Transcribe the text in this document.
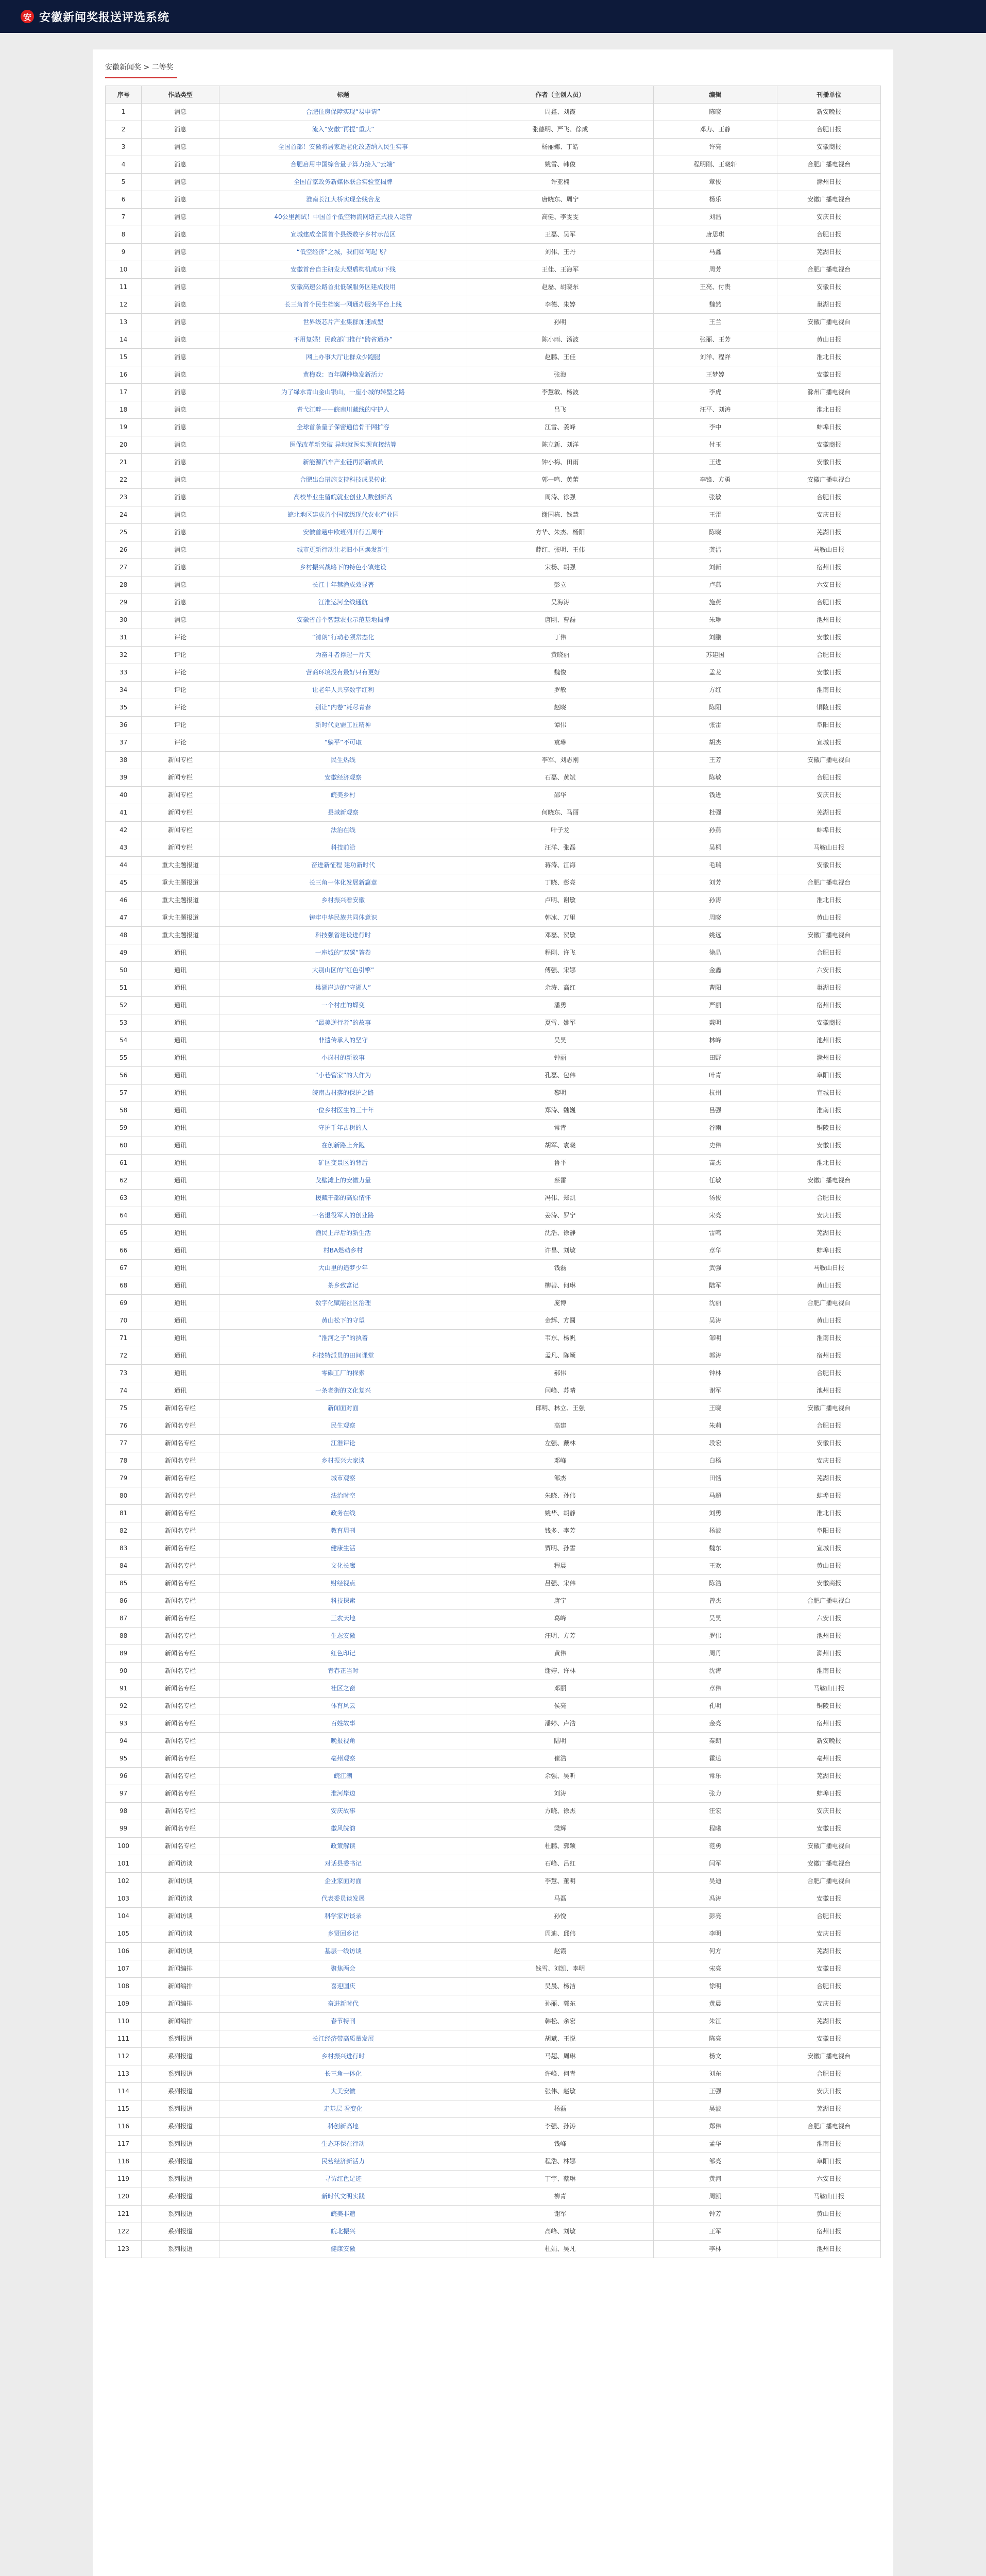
安 安徽新闻奖报送评选系统
安徽新闻奖 > 二等奖
序号	作品类型	标题	作者（主创人员）	编辑	刊播单位
1	消息	合肥住房保障实现“易申请”	周鑫、刘霞	陈晓	新安晚报
2	消息	流入“安徽”再提“重庆”	张德明、严飞、徐成	邓力、王静	合肥日报
3	消息	全国首部！安徽将居家适老化改造纳入民生实事	杨丽娜、丁皓	许亮	安徽商报
4	消息	合肥启用中国综合量子算力接入“云端”	姚雪、韩俊	程明刚、王晓轩	合肥广播电视台
5	消息	全国首家政务新媒体联合实验室揭牌	许亚楠	章俊	滁州日报
6	消息	淮南长江大桥实现全线合龙	唐晓东、周宁	杨乐	安徽广播电视台
7	消息	40公里测试！中国首个低空物流网络正式投入运营	高健、李雯雯	刘浩	安庆日报
8	消息	宣城建成全国首个县级数字乡村示范区	王磊、吴军	唐思琪	合肥日报
9	消息	“低空经济”之城，我们如何起飞？	刘伟、王丹	马鑫	芜湖日报
10	消息	安徽首台自主研发大型盾构机成功下线	王佳、王海军	周芳	合肥广播电视台
11	消息	安徽高速公路首批低碳服务区建成投用	赵磊、胡晓东	王亮、付贵	安徽日报
12	消息	长三角首个民生档案一网通办服务平台上线	李德、朱婷	魏然	巢湖日报
13	消息	世界级芯片产业集群加速成型	孙明	王兰	安徽广播电视台
14	消息	不用复婚！民政部门推行“跨省通办”	陈小雨、汤波	张丽、王芳	黄山日报
15	消息	网上办事大厅让群众少跑腿	赵鹏、王佳	刘洋、程祥	淮北日报
16	消息	黄梅戏：百年剧种焕发新活力	张海	王梦婷	安徽日报
17	消息	为了绿水青山金山银山，一座小城的转型之路	李慧敏、杨波	李虎	滁州广播电视台
18	消息	青弋江畔——皖南川藏线的守护人	吕飞	汪平、刘涛	淮北日报
19	消息	全球首条量子保密通信骨干网扩容	江雪、姜峰	李中	蚌埠日报
20	消息	医保改革新突破 异地就医实现直接结算	陈立新、刘洋	付玉	安徽商报
21	消息	新能源汽车产业链再添新成员	钟小梅、田雨	王进	安徽日报
22	消息	合肥出台措施支持科技成果转化	郭一鸣、黄蕾	李锋、方勇	安徽广播电视台
23	消息	高校毕业生留皖就业创业人数创新高	周涛、徐强	张敏	合肥日报
24	消息	皖北地区建成首个国家级现代农业产业园	谢国栋、钱慧	王雷	安庆日报
25	消息	安徽首趟中欧班列开行五周年	方华、朱杰、杨阳	陈晓	芜湖日报
26	消息	城市更新行动让老旧小区焕发新生	薛红、张明、王伟	龚洁	马鞍山日报
27	消息	乡村振兴战略下的特色小镇建设	宋杨、胡强	刘新	宿州日报
28	消息	长江十年禁渔成效显著	彭立	卢燕	六安日报
29	消息	江淮运河全线通航	吴海涛	施燕	合肥日报
30	消息	安徽省首个智慧农业示范基地揭牌	唐刚、曹磊	朱琳	池州日报
31	评论	“清朗”行动必须常态化	丁伟	刘鹏	安徽日报
32	评论	为奋斗者撑起一片天	黄晓丽	苏建国	合肥日报
33	评论	营商环境没有最好只有更好	魏俊	孟龙	安徽日报
34	评论	让老年人共享数字红利	罗敏	方红	淮南日报
35	评论	别让“内卷”耗尽青春	赵晓	陈阳	铜陵日报
36	评论	新时代更需工匠精神	谭伟	张雷	阜阳日报
37	评论	“躺平”不可取	袁琳	胡杰	宣城日报
38	新闻专栏	民生热线	李军、刘志刚	王芳	安徽广播电视台
39	新闻专栏	安徽经济观察	石磊、黄斌	陈敏	合肥日报
40	新闻专栏	皖美乡村	邵华	钱进	安庆日报
41	新闻专栏	县域新观察	何晓东、马丽	杜强	芜湖日报
42	新闻专栏	法治在线	叶子龙	孙燕	蚌埠日报
43	新闻专栏	科技前沿	汪洋、张磊	吴桐	马鞍山日报
44	重大主题报道	奋进新征程 建功新时代	蒋涛、江海	毛瑞	安徽日报
45	重大主题报道	长三角一体化发展新篇章	丁晓、彭亮	刘芳	合肥广播电视台
46	重大主题报道	乡村振兴看安徽	卢明、谢敏	孙涛	淮北日报
47	重大主题报道	铸牢中华民族共同体意识	韩冰、万里	周晓	黄山日报
48	重大主题报道	科技强省建设进行时	邓磊、贺敏	姚远	安徽广播电视台
49	通讯	一座城的“双碳”答卷	程刚、许飞	徐晶	合肥日报
50	通讯	大别山区的“红色引擎”	傅强、宋娜	金鑫	六安日报
51	通讯	巢湖岸边的“守湖人”	余涛、高红	曹阳	巢湖日报
52	通讯	一个村庄的蝶变	潘勇	严丽	宿州日报
53	通讯	“最美逆行者”的故事	夏雪、姚军	戴明	安徽商报
54	通讯	非遗传承人的坚守	吴昊	林峰	池州日报
55	通讯	小岗村的新故事	钟丽	田野	滁州日报
56	通讯	“小巷管家”的大作为	孔磊、包伟	叶青	阜阳日报
57	通讯	皖南古村落的保护之路	黎明	杭州	宣城日报
58	通讯	一位乡村医生的三十年	郑涛、魏巍	吕强	淮南日报
59	通讯	守护千年古树的人	常青	谷雨	铜陵日报
60	通讯	在创新路上奔跑	胡军、袁晓	史伟	安徽日报
61	通讯	矿区变景区的背后	鲁平	苗杰	淮北日报
62	通讯	戈壁滩上的安徽力量	蔡雷	任敏	安徽广播电视台
63	通讯	援藏干部的高原情怀	冯伟、郑凯	汤俊	合肥日报
64	通讯	一名退役军人的创业路	姜涛、罗宁	宋亮	安庆日报
65	通讯	渔民上岸后的新生活	沈浩、徐静	雷鸣	芜湖日报
66	通讯	村BA燃动乡村	许昌、刘敏	章华	蚌埠日报
67	通讯	大山里的追梦少年	钱磊	武强	马鞍山日报
68	通讯	茶乡致富记	柳岩、何琳	陆军	黄山日报
69	通讯	数字化赋能社区治理	庞博	沈丽	合肥广播电视台
70	通讯	黄山松下的守望	金辉、方圆	吴涛	黄山日报
71	通讯	“淮河之子”的执着	韦东、杨帆	邹明	淮南日报
72	通讯	科技特派员的田间课堂	孟凡、陈颖	郭涛	宿州日报
73	通讯	零碳工厂的探索	郝伟	钟林	合肥日报
74	通讯	一条老街的文化复兴	闫峰、苏晴	谢军	池州日报
75	新闻名专栏	新闻面对面	邱明、林立、王强	王晓	安徽广播电视台
76	新闻名专栏	民生观察	高建	朱莉	合肥日报
77	新闻名专栏	江淮评论	左强、戴林	段宏	安徽日报
78	新闻名专栏	乡村振兴大家谈	邓峰	白杨	安庆日报
79	新闻名专栏	城市观察	邹杰	田恬	芜湖日报
80	新闻名专栏	法治时空	朱晓、孙伟	马超	蚌埠日报
81	新闻名专栏	政务在线	姚华、胡静	刘勇	淮北日报
82	新闻名专栏	教育周刊	钱多、李芳	杨波	阜阳日报
83	新闻名专栏	健康生活	贾明、孙雪	魏东	宣城日报
84	新闻名专栏	文化长廊	程晨	王欢	黄山日报
85	新闻名专栏	财经视点	吕强、宋伟	陈浩	安徽商报
86	新闻名专栏	科技探索	唐宁	曾杰	合肥广播电视台
87	新闻名专栏	三农天地	葛峰	吴昊	六安日报
88	新闻名专栏	生态安徽	汪明、方芳	罗伟	池州日报
89	新闻名专栏	红色印记	黄伟	周丹	滁州日报
90	新闻名专栏	青春正当时	谢婷、许林	沈涛	淮南日报
91	新闻名专栏	社区之窗	邓丽	章伟	马鞍山日报
92	新闻名专栏	体育风云	侯亮	孔明	铜陵日报
93	新闻名专栏	百姓故事	潘婷、卢浩	金亮	宿州日报
94	新闻名专栏	晚报视角	陆明	秦朗	新安晚报
95	新闻名专栏	亳州观察	崔浩	霍达	亳州日报
96	新闻名专栏	皖江潮	余强、吴昕	常乐	芜湖日报
97	新闻名专栏	淮河岸边	刘涛	张力	蚌埠日报
98	新闻名专栏	安庆故事	方晓、徐杰	汪宏	安庆日报
99	新闻名专栏	徽风皖韵	梁辉	程曦	安徽日报
100	新闻名专栏	政策解读	杜鹏、郭颖	范勇	安徽广播电视台
101	新闻访谈	对话县委书记	石峰、吕红	闫军	安徽广播电视台
102	新闻访谈	企业家面对面	李慧、董明	吴迪	合肥广播电视台
103	新闻访谈	代表委员谈发展	马磊	冯涛	安徽日报
104	新闻访谈	科学家访谈录	孙悦	彭亮	合肥日报
105	新闻访谈	乡贤回乡记	周迪、邱伟	李明	安庆日报
106	新闻访谈	基层一线访谈	赵霞	何方	芜湖日报
107	新闻编排	聚焦两会	钱雪、刘凯、李明	宋亮	安徽日报
108	新闻编排	喜迎国庆	吴晨、杨洁	徐明	合肥日报
109	新闻编排	奋进新时代	孙丽、郭东	黄晨	安庆日报
110	新闻编排	春节特刊	韩松、余宏	朱江	芜湖日报
111	系列报道	长江经济带高质量发展	胡斌、王悦	陈亮	安徽日报
112	系列报道	乡村振兴进行时	马超、周琳	杨文	安徽广播电视台
113	系列报道	长三角一体化	许峰、何青	刘东	合肥日报
114	系列报道	大美安徽	张伟、赵敏	王强	安庆日报
115	系列报道	走基层 看变化	杨磊	吴波	芜湖日报
116	系列报道	科创新高地	李强、孙涛	郑伟	合肥广播电视台
117	系列报道	生态环保在行动	钱峰	孟华	淮南日报
118	系列报道	民营经济新活力	程浩、林娜	邹亮	阜阳日报
119	系列报道	寻访红色足迹	丁宇、蔡琳	黄河	六安日报
120	系列报道	新时代文明实践	柳青	周凯	马鞍山日报
121	系列报道	皖美非遗	谢军	钟芳	黄山日报
122	系列报道	皖北振兴	高峰、刘敏	王军	宿州日报
123	系列报道	健康安徽	杜娟、吴凡	李林	池州日报
